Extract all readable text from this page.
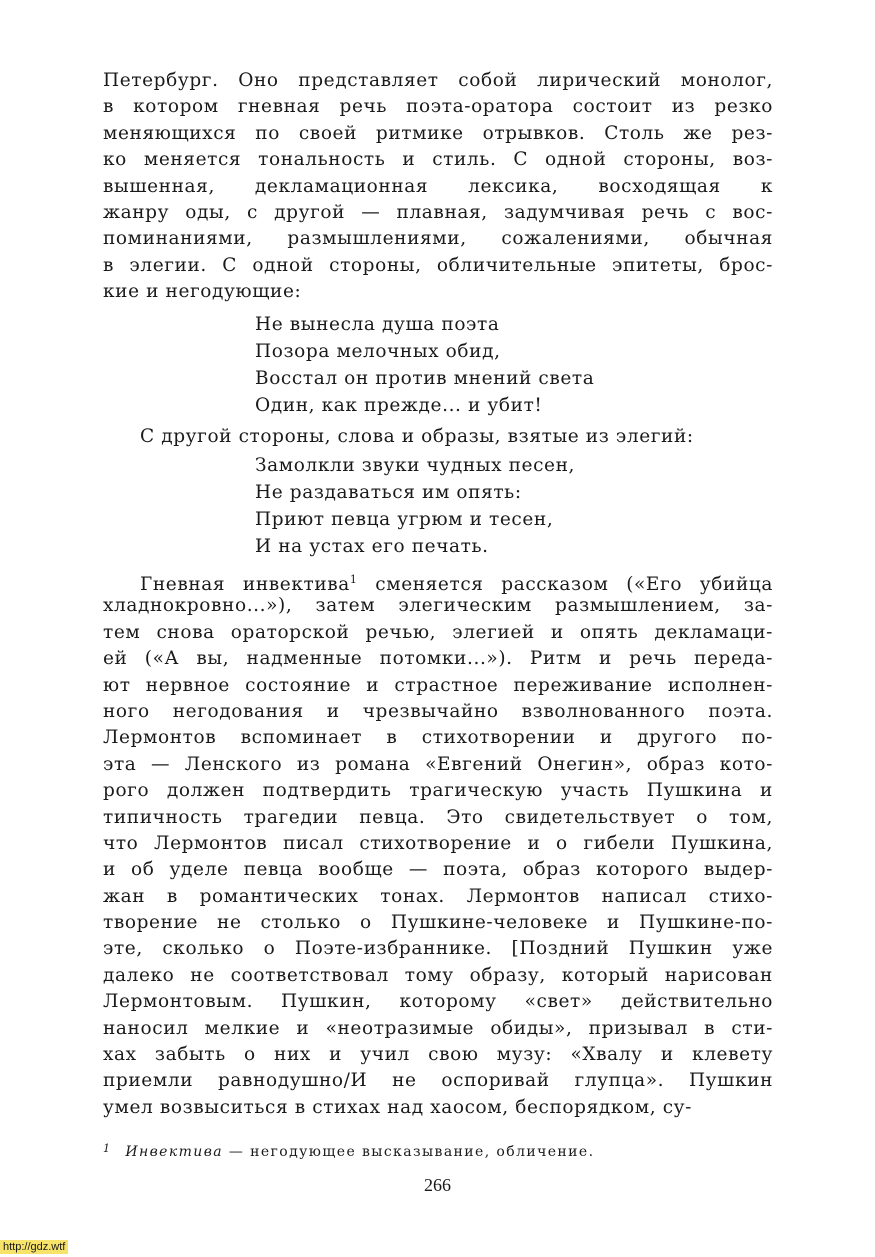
Петербург. Оно представляет собой лирический монолог,
в котором гневная речь поэта-оратора состоит из резко
меняющихся по своей ритмике отрывков. Столь же рез-
ко меняется тональность и стиль. С одной стороны, воз-
вышенная, декламационная лексика, восходящая к
жанру оды, с другой — плавная, задумчивая речь с вос-
поминаниями, размышлениями, сожалениями, обычная
в элегии. С одной стороны, обличительные эпитеты, брос-
кие и негодующие:
Не вынесла душа поэта
Позора мелочных обид,
Восстал он против мнений света
Один, как прежде... и убит!
С другой стороны, слова и образы, взятые из элегий:
Замолкли звуки чудных песен,
Не раздаваться им опять:
Приют певца угрюм и тесен,
И на устах его печать.
Гневная инвектива$^1$ сменяется рассказом («Его убийца
хладнокровно...»), затем элегическим размышлением, за-
тем снова ораторской речью, элегией и опять декламаци-
ей («А вы, надменные потомки...»). Ритм и речь переда-
ют нервное состояние и страстное переживание исполнен-
ного негодования и чрезвычайно взволнованного поэта.
Лермонтов вспоминает в стихотворении и другого по-
эта — Ленского из романа «Евгений Онегин», образ кото-
рого должен подтвердить трагическую участь Пушкина и
типичность трагедии певца. Это свидетельствует о том,
что Лермонтов писал стихотворение и о гибели Пушкина,
и об уделе певца вообще — поэта, образ которого выдер-
жан в романтических тонах. Лермонтов написал стихо-
творение не столько о Пушкине-человеке и Пушкине-по-
эте, сколько о Поэте-избраннике. [Поздний Пушкин уже
далеко не соответствовал тому образу, который нарисован
Лермонтовым. Пушкин, которому «свет» действительно
наносил мелкие и «неотразимые обиды», призывал в сти-
хах забыть о них и учил свою музу: «Хвалу и клевету
приемли равнодушно/И не оспоривай глупца». Пушкин
умел возвыситься в стихах над хаосом, беспорядком, су-
$^1$ Инвектива — негодующее высказывание, обличение.
266
http://gdz.wtf
